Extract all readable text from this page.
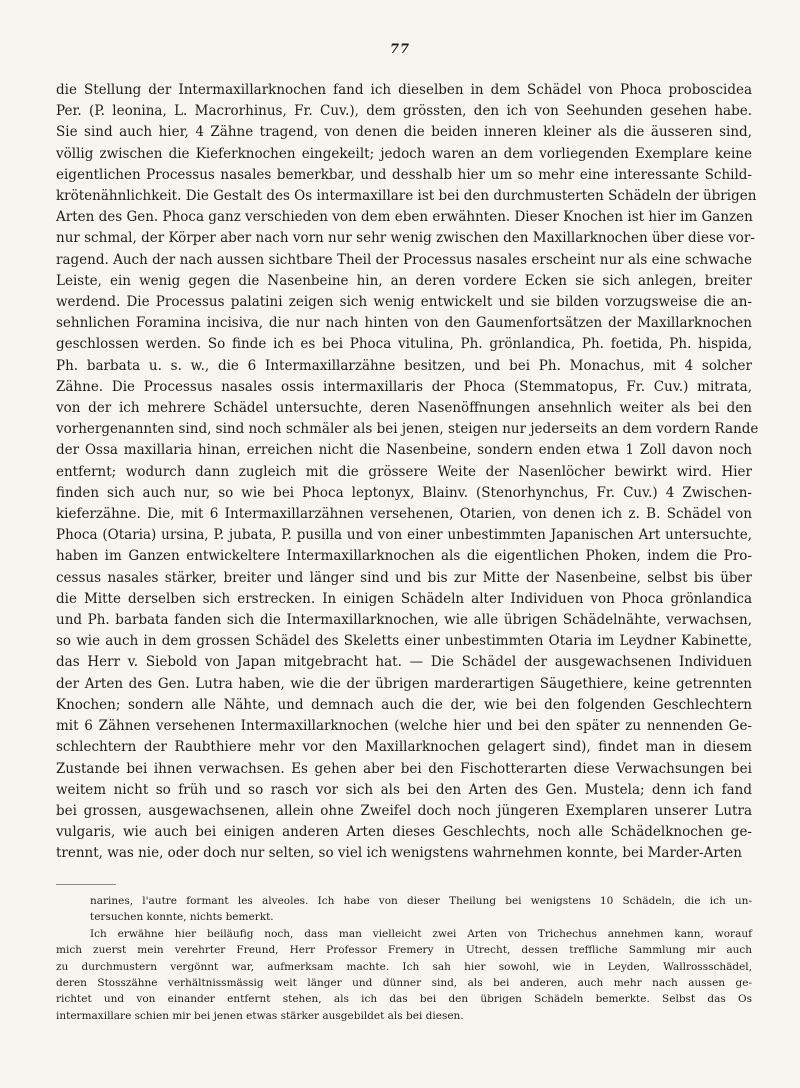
77
die Stellung der Intermaxillarknochen fand ich dieselben in dem Schädel von Phoca proboscidea
Per. (P. leonina, L. Macrorhinus, Fr. Cuv.), dem grössten, den ich von Seehunden gesehen habe.
Sie sind auch hier, 4 Zähne tragend, von denen die beiden inneren kleiner als die äusseren sind,
völlig zwischen die Kieferknochen eingekeilt; jedoch waren an dem vorliegenden Exemplare keine
eigentlichen Processus nasales bemerkbar, und desshalb hier um so mehr eine interessante Schild-
krötenähnlichkeit. Die Gestalt des Os intermaxillare ist bei den durchmusterten Schädeln der übrigen
Arten des Gen. Phoca ganz verschieden von dem eben erwähnten. Dieser Knochen ist hier im Ganzen
nur schmal, der Körper aber nach vorn nur sehr wenig zwischen den Maxillarknochen über diese vor-
ragend. Auch der nach aussen sichtbare Theil der Processus nasales erscheint nur als eine schwache
Leiste, ein wenig gegen die Nasenbeine hin, an deren vordere Ecken sie sich anlegen, breiter
werdend. Die Processus palatini zeigen sich wenig entwickelt und sie bilden vorzugsweise die an-
sehnlichen Foramina incisiva, die nur nach hinten von den Gaumenfortsätzen der Maxillarknochen
geschlossen werden. So finde ich es bei Phoca vitulina, Ph. grönlandica, Ph. foetida, Ph. hispida,
Ph. barbata u. s. w., die 6 Intermaxillarzähne besitzen, und bei Ph. Monachus, mit 4 solcher
Zähne. Die Processus nasales ossis intermaxillaris der Phoca (Stemmatopus, Fr. Cuv.) mitrata,
von der ich mehrere Schädel untersuchte, deren Nasenöffnungen ansehnlich weiter als bei den
vorhergenannten sind, sind noch schmäler als bei jenen, steigen nur jederseits an dem vordern Rande
der Ossa maxillaria hinan, erreichen nicht die Nasenbeine, sondern enden etwa 1 Zoll davon noch
entfernt; wodurch dann zugleich mit die grössere Weite der Nasenlöcher bewirkt wird. Hier
finden sich auch nur, so wie bei Phoca leptonyx, Blainv. (Stenorhynchus, Fr. Cuv.) 4 Zwischen-
kieferzähne. Die, mit 6 Intermaxillarzähnen versehenen, Otarien, von denen ich z. B. Schädel von
Phoca (Otaria) ursina, P. jubata, P. pusilla und von einer unbestimmten Japanischen Art untersuchte,
haben im Ganzen entwickeltere Intermaxillarknochen als die eigentlichen Phoken, indem die Pro-
cessus nasales stärker, breiter und länger sind und bis zur Mitte der Nasenbeine, selbst bis über
die Mitte derselben sich erstrecken. In einigen Schädeln alter Individuen von Phoca grönlandica
und Ph. barbata fanden sich die Intermaxillarknochen, wie alle übrigen Schädelnähte, verwachsen,
so wie auch in dem grossen Schädel des Skeletts einer unbestimmten Otaria im Leydner Kabinette,
das Herr v. Siebold von Japan mitgebracht hat. — Die Schädel der ausgewachsenen Individuen
der Arten des Gen. Lutra haben, wie die der übrigen marderartigen Säugethiere, keine getrennten
Knochen; sondern alle Nähte, und demnach auch die der, wie bei den folgenden Geschlechtern
mit 6 Zähnen versehenen Intermaxillarknochen (welche hier und bei den später zu nennenden Ge-
schlechtern der Raubthiere mehr vor den Maxillarknochen gelagert sind), findet man in diesem
Zustande bei ihnen verwachsen. Es gehen aber bei den Fischotterarten diese Verwachsungen bei
weitem nicht so früh und so rasch vor sich als bei den Arten des Gen. Mustela; denn ich fand
bei grossen, ausgewachsenen, allein ohne Zweifel doch noch jüngeren Exemplaren unserer Lutra
vulgaris, wie auch bei einigen anderen Arten dieses Geschlechts, noch alle Schädelknochen ge-
trennt, was nie, oder doch nur selten, so viel ich wenigstens wahrnehmen konnte, bei Marder-Arten
narines, l'autre formant les alveoles. Ich habe von dieser Theilung bei wenigstens 10 Schädeln, die ich un-
tersuchen konnte, nichts bemerkt.
Ich erwähne hier beiläufig noch, dass man vielleicht zwei Arten von Trichechus annehmen kann, worauf
mich zuerst mein verehrter Freund, Herr Professor Fremery in Utrecht, dessen treffliche Sammlung mir auch
zu durchmustern vergönnt war, aufmerksam machte. Ich sah hier sowohl, wie in Leyden, Wallrossschädel,
deren Stosszähne verhältnissmässig weit länger und dünner sind, als bei anderen, auch mehr nach aussen ge-
richtet und von einander entfernt stehen, als ich das bei den übrigen Schädeln bemerkte. Selbst das Os
intermaxillare schien mir bei jenen etwas stärker ausgebildet als bei diesen.
